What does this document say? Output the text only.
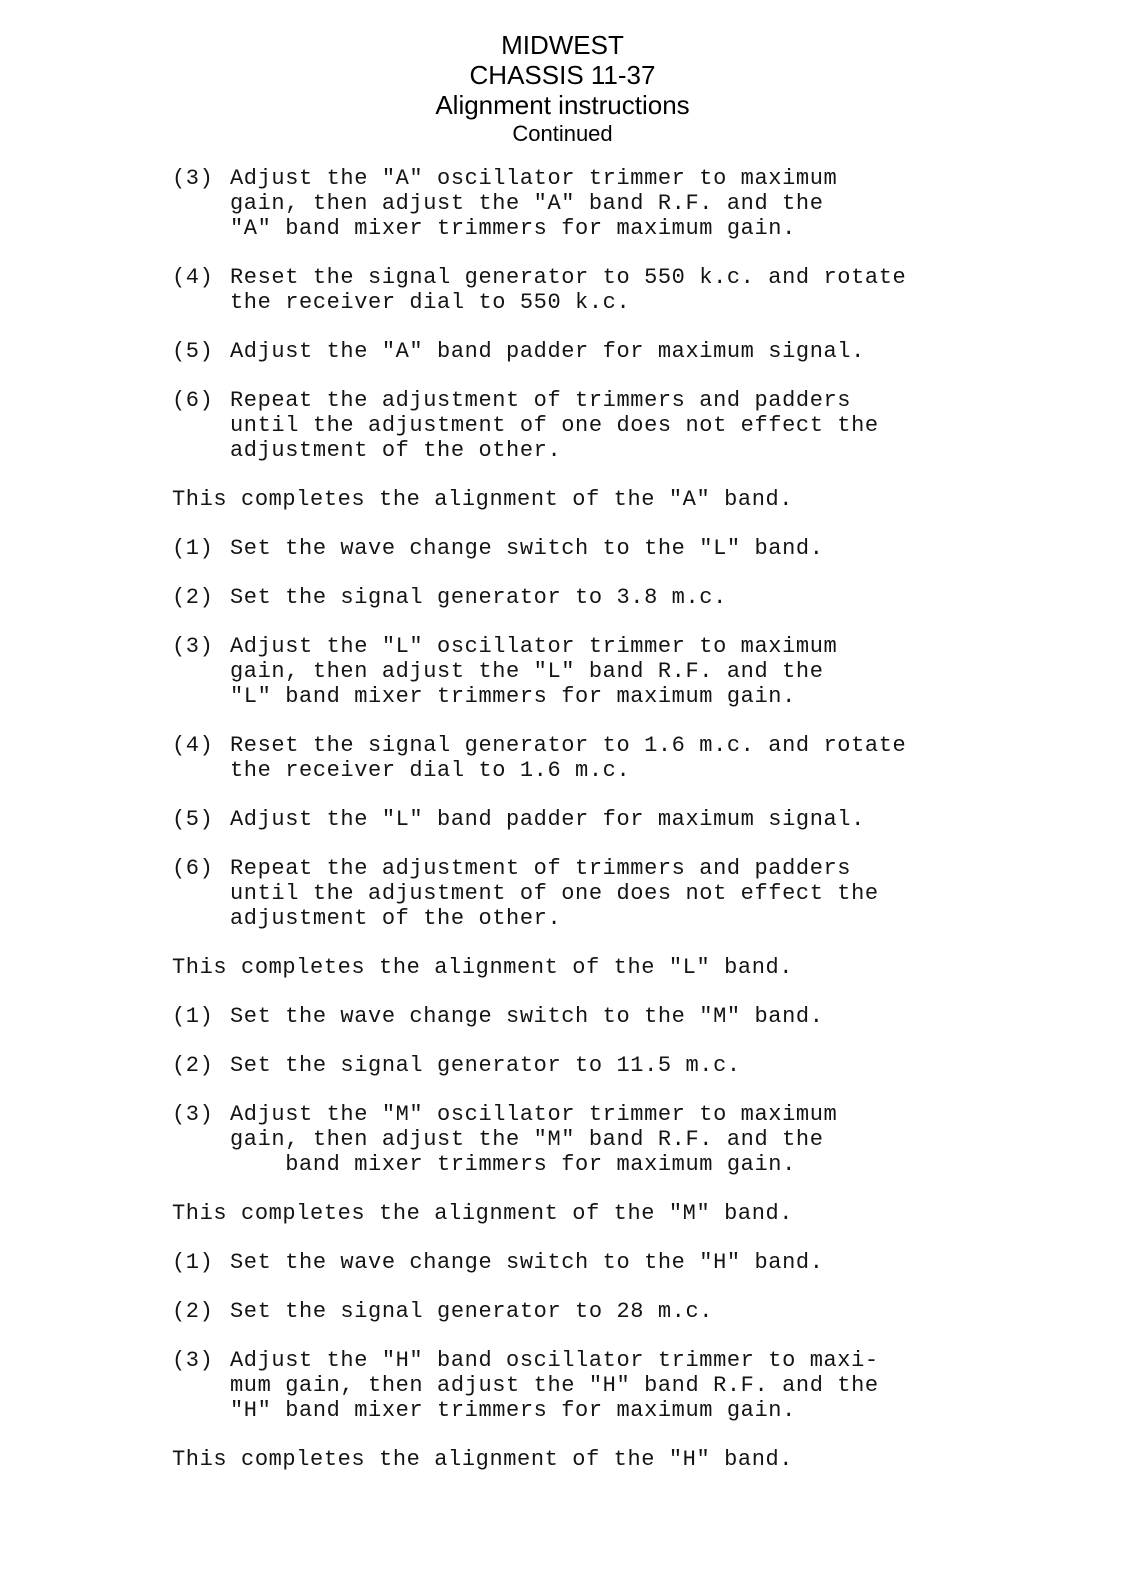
MIDWEST
CHASSIS 11-37
Alignment instructions
Continued
(3) Adjust the "A" oscillator trimmer to maximum
gain, then adjust the "A" band R.F. and the
"A" band mixer trimmers for maximum gain.
(4) Reset the signal generator to 550 k.c. and rotate
the receiver dial to 550 k.c.
(5) Adjust the "A" band padder for maximum signal.
(6) Repeat the adjustment of trimmers and padders
until the adjustment of one does not effect the
adjustment of the other.
This completes the alignment of the "A" band.
(1) Set the wave change switch to the "L" band.
(2) Set the signal generator to 3.8 m.c.
(3) Adjust the "L" oscillator trimmer to maximum
gain, then adjust the "L" band R.F. and the
"L" band mixer trimmers for maximum gain.
(4) Reset the signal generator to 1.6 m.c. and rotate
the receiver dial to 1.6 m.c.
(5) Adjust the "L" band padder for maximum signal.
(6) Repeat the adjustment of trimmers and padders
until the adjustment of one does not effect the
adjustment of the other.
This completes the alignment of the "L" band.
(1) Set the wave change switch to the "M" band.
(2) Set the signal generator to 11.5 m.c.
(3) Adjust the "M" oscillator trimmer to maximum
gain, then adjust the "M" band R.F. and the
band mixer trimmers for maximum gain.
This completes the alignment of the "M" band.
(1) Set the wave change switch to the "H" band.
(2) Set the signal generator to 28 m.c.
(3) Adjust the "H" band oscillator trimmer to maxi-
mum gain, then adjust the "H" band R.F. and the
"H" band mixer trimmers for maximum gain.
This completes the alignment of the "H" band.
